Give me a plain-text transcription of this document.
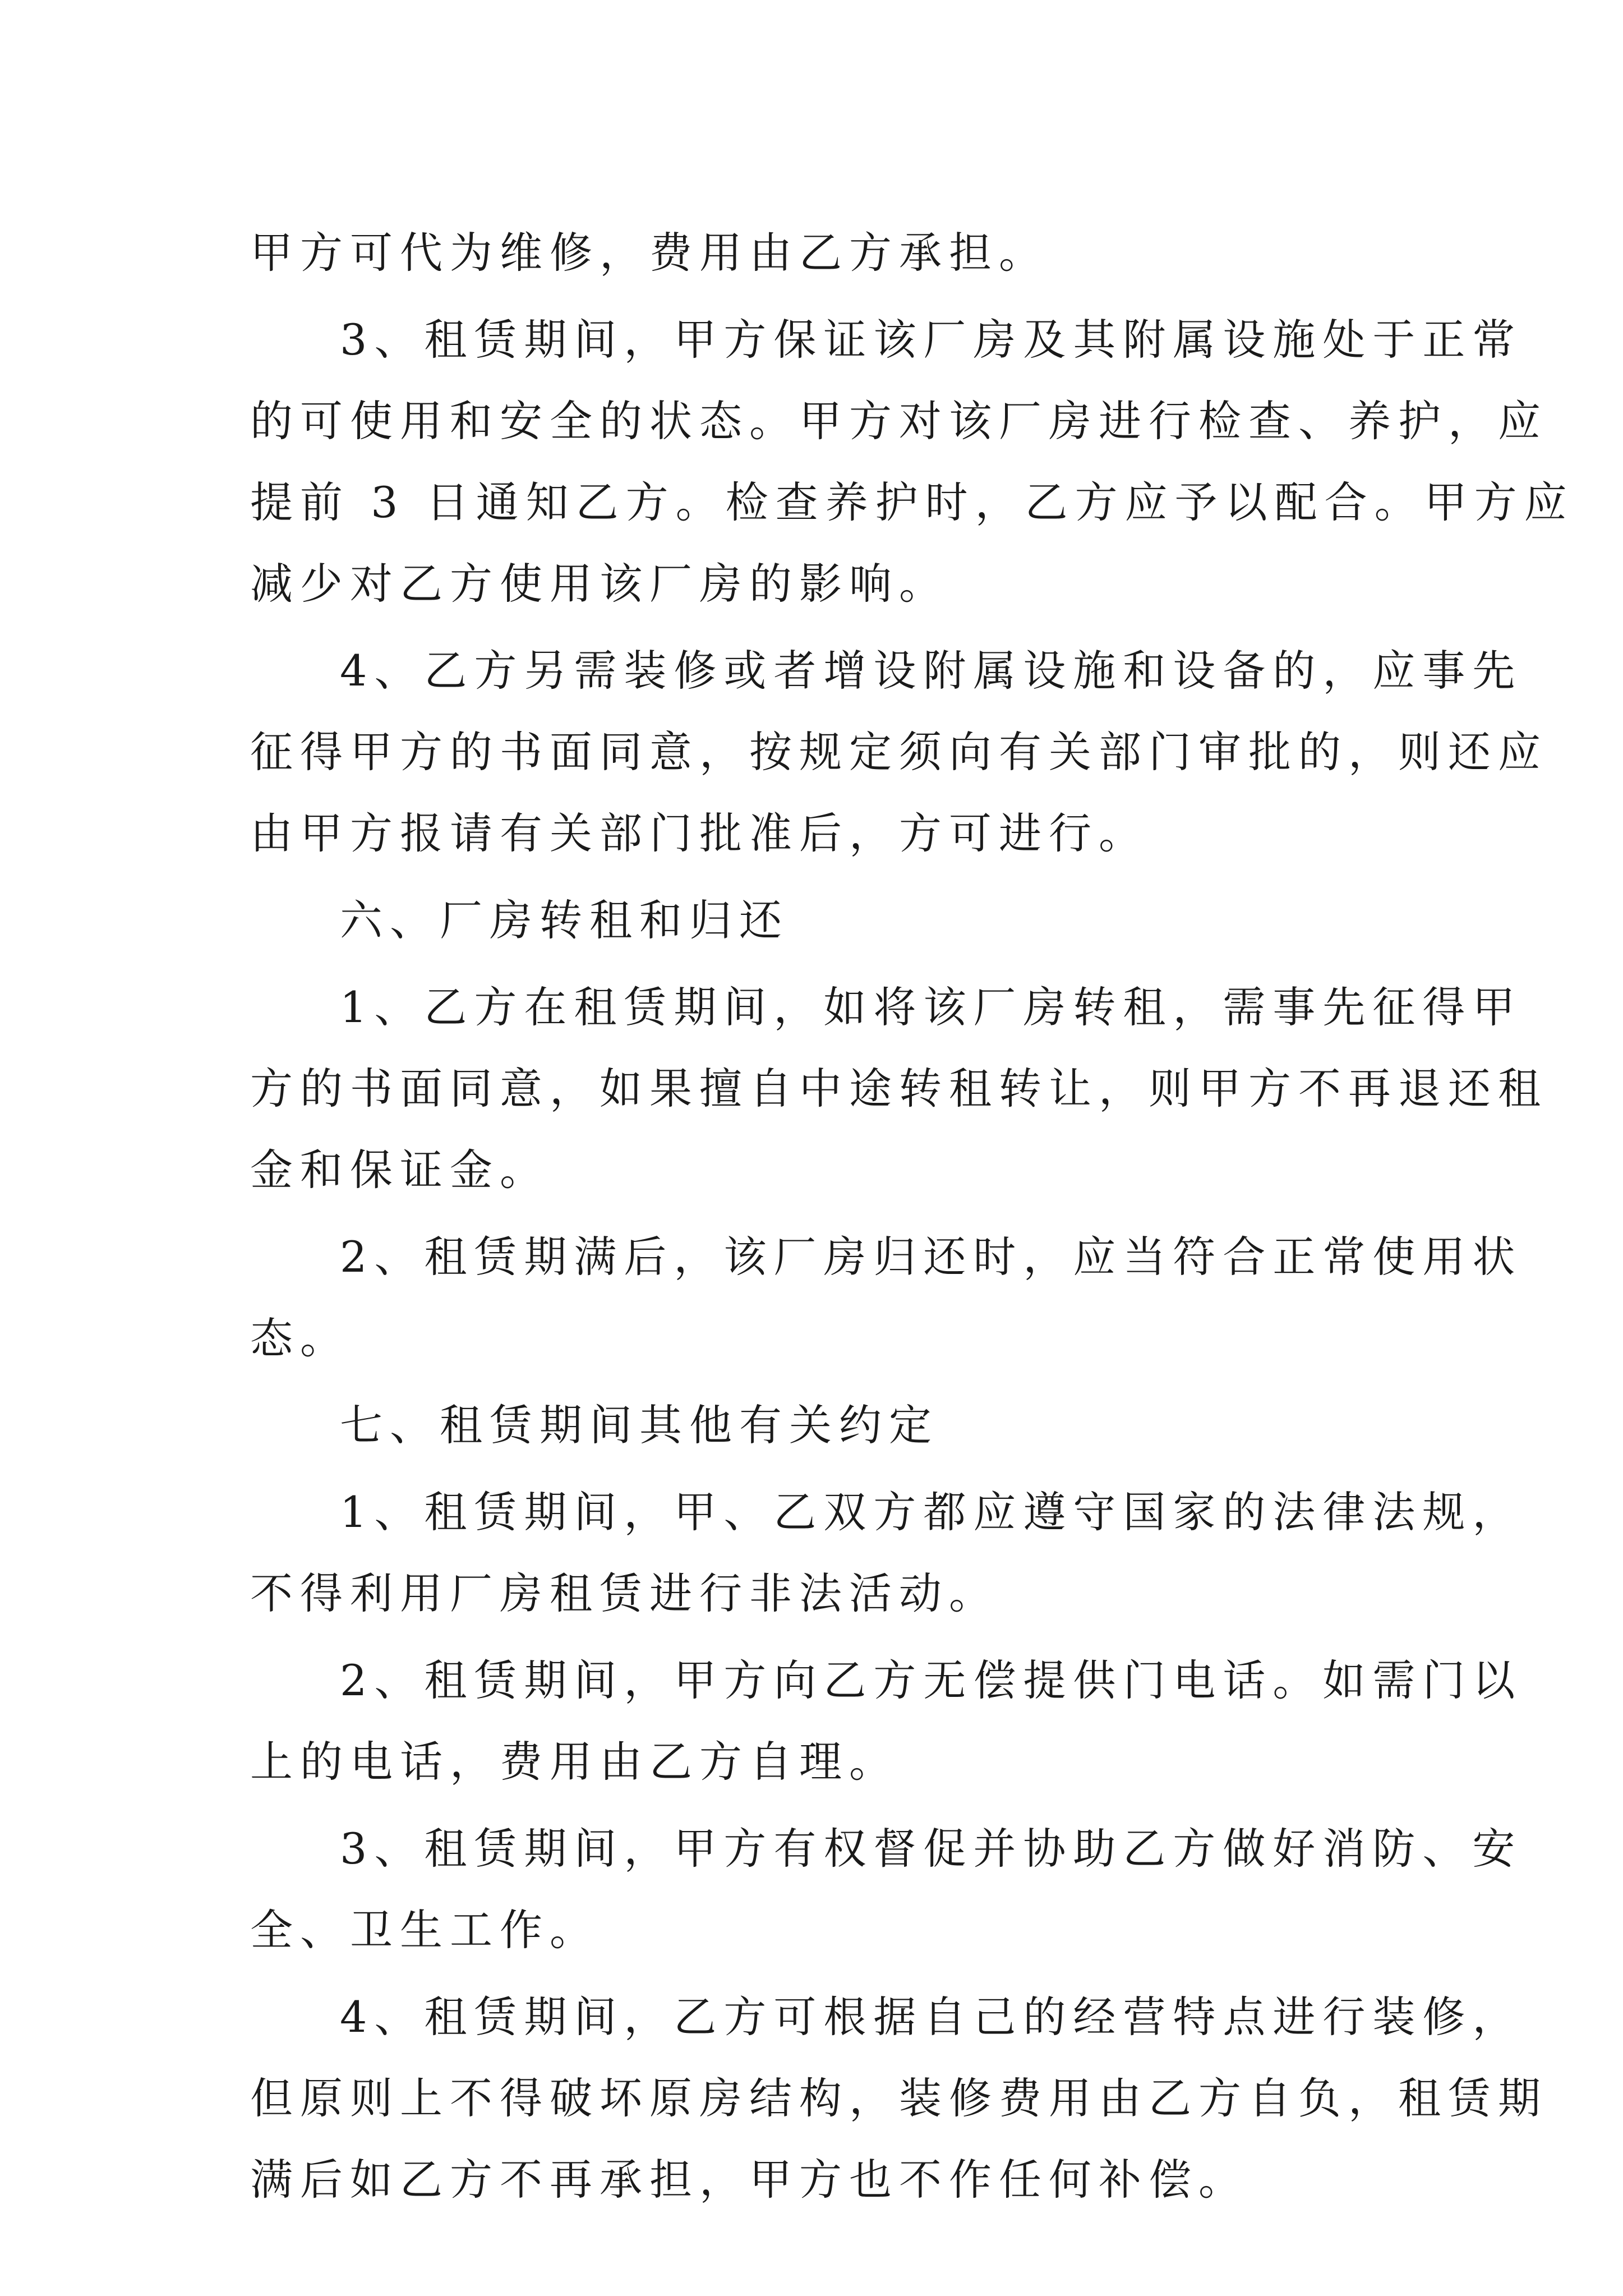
甲方可代为维修，费用由乙方承担。
3、租赁期间，甲方保证该厂房及其附属设施处于正常
的可使用和安全的状态。甲方对该厂房进行检查、养护，应
提前 3 日通知乙方。检查养护时，乙方应予以配合。甲方应
减少对乙方使用该厂房的影响。
4、乙方另需装修或者增设附属设施和设备的，应事先
征得甲方的书面同意，按规定须向有关部门审批的，则还应
由甲方报请有关部门批准后，方可进行。
六、厂房转租和归还
1、乙方在租赁期间，如将该厂房转租，需事先征得甲
方的书面同意，如果擅自中途转租转让，则甲方不再退还租
金和保证金。
2、租赁期满后，该厂房归还时，应当符合正常使用状
态。
七、租赁期间其他有关约定
1、租赁期间，甲、乙双方都应遵守国家的法律法规，
不得利用厂房租赁进行非法活动。
2、租赁期间，甲方向乙方无偿提供门电话。如需门以
上的电话，费用由乙方自理。
3、租赁期间，甲方有权督促并协助乙方做好消防、安
全、卫生工作。
4、租赁期间，乙方可根据自己的经营特点进行装修，
但原则上不得破坏原房结构，装修费用由乙方自负，租赁期
满后如乙方不再承担，甲方也不作任何补偿。
